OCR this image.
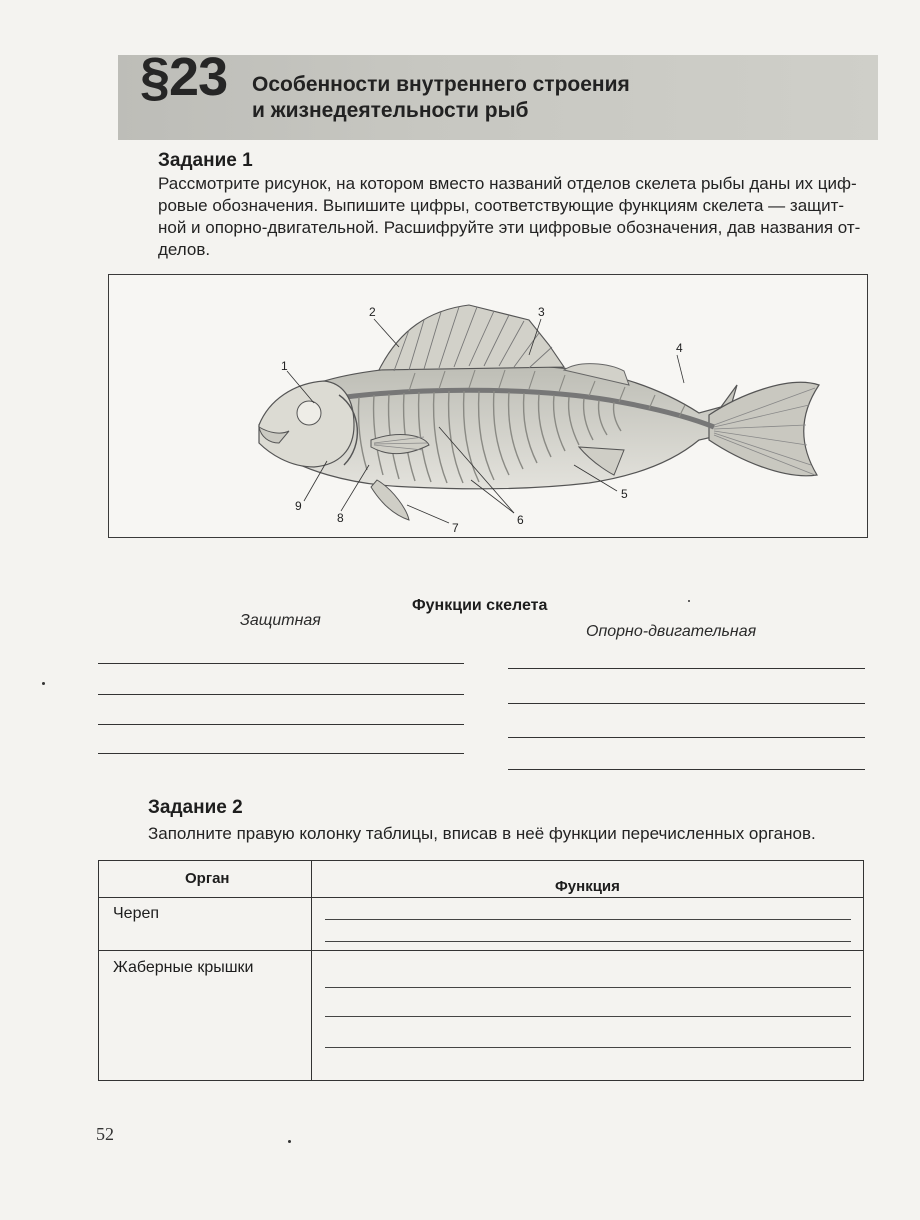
§23 Особенности внутреннего строения
и жизнедеятельности рыб
Задание 1
Рассмотрите рисунок, на котором вместо названий отделов скелета рыбы даны их циф-
ровые обозначения. Выпишите цифры, соответствующие функциям скелета — защит-
ной и опорно-двигательной. Расшифруйте эти цифровые обозначения, дав названия от-
делов.
1
2	3
4
5
6
7
8
9
Функции скелета
Защитная
Опорно-двигательная
Задание 2
Заполните правую колонку таблицы, вписав в неё функции перечисленных органов.
Орган	Функция
Череп
Жаберные крышки
52
